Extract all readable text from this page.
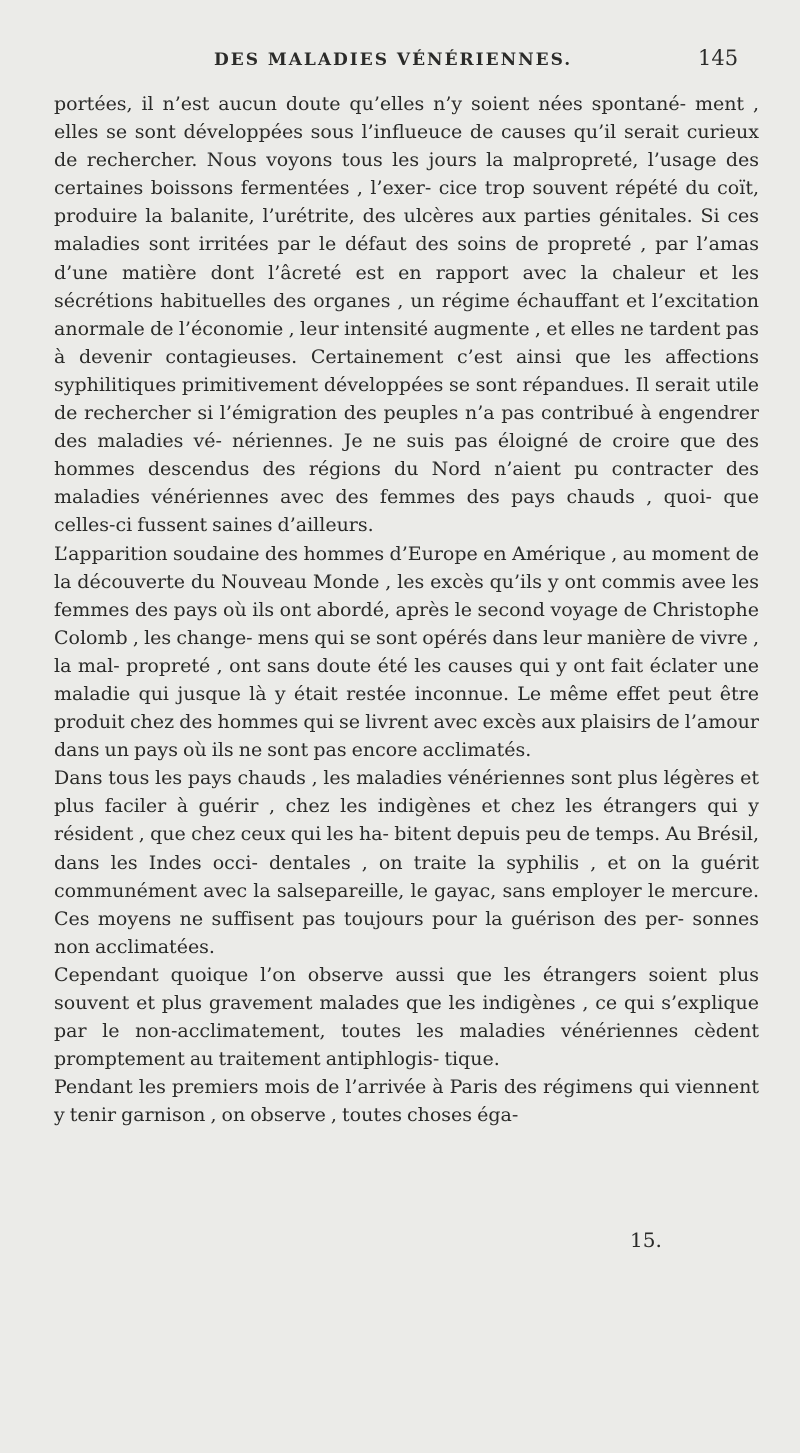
DES MALADIES VÉNÉRIENNES.	145

portées, il n’est aucun doute qu’elles n’y soient nées spontané- ment , elles se sont développées sous l’influeuce de causes qu’il serait curieux de rechercher. Nous voyons tous les jours la malpropreté, l’usage des certaines boissons fermentées , l’exer- cice trop souvent répété du coït, produire la balanite, l’urétrite, des ulcères aux parties génitales. Si ces maladies sont irritées par le défaut des soins de propreté , par l’amas d’une matière dont l’âcreté est en rapport avec la chaleur et les sécrétions habituelles des organes , un régime échauffant et l’excitation anormale de l’économie , leur intensité augmente , et elles ne tardent pas à devenir contagieuses. Certainement c’est ainsi que les affections syphilitiques primitivement développées se sont répandues. Il serait utile de rechercher si l’émigration des peuples n’a pas contribué à engendrer des maladies vé- nériennes. Je ne suis pas éloigné de croire que des hommes descendus des régions du Nord n’aient pu contracter des maladies vénériennes avec des femmes des pays chauds , quoi- que celles-ci fussent saines d’ailleurs.

L’apparition soudaine des hommes d’Europe en Amérique , au moment de la découverte du Nouveau Monde , les excès qu’ils y ont commis avee les femmes des pays où ils ont abordé, après le second voyage de Christophe Colomb , les change- mens qui se sont opérés dans leur manière de vivre , la mal- propreté , ont sans doute été les causes qui y ont fait éclater une maladie qui jusque là y était restée inconnue. Le même effet peut être produit chez des hommes qui se livrent avec excès aux plaisirs de l’amour dans un pays où ils ne sont pas encore acclimatés.

Dans tous les pays chauds , les maladies vénériennes sont plus légères et plus faciler à guérir , chez les indigènes et chez les étrangers qui y résident , que chez ceux qui les ha- bitent depuis peu de temps. Au Brésil, dans les Indes occi- dentales , on traite la syphilis , et on la guérit communément avec la salsepareille, le gayac, sans employer le mercure. Ces moyens ne suffisent pas toujours pour la guérison des per- sonnes non acclimatées.

Cependant quoique l’on observe aussi que les étrangers soient plus souvent et plus gravement malades que les indigènes , ce qui s’explique par le non-acclimatement, toutes les maladies vénériennes cèdent promptement au traitement antiphlogis- tique.

Pendant les premiers mois de l’arrivée à Paris des régimens qui viennent y tenir garnison , on observe , toutes choses éga-

15.
